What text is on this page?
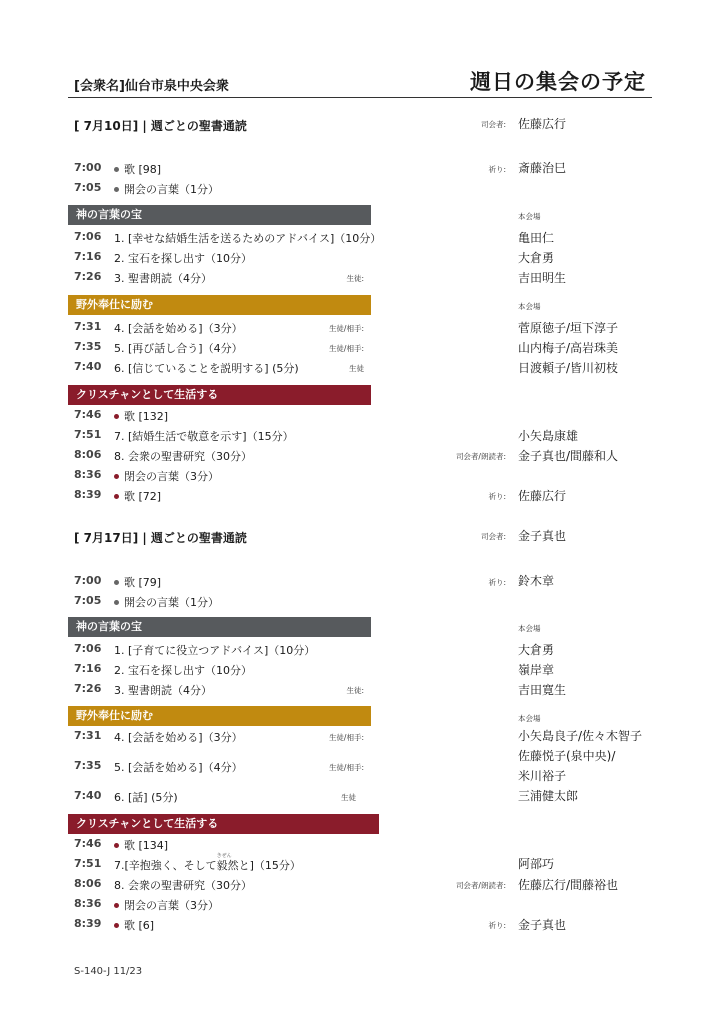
[会衆名]仙台市泉中央会衆	週日の集会の予定
[ 7月10日] | 週ごとの聖書通読	司会者: 佐藤広行
7:00	歌 [98]	祈り: 斎藤治巳
7:05	開会の言葉（1分）
神の言葉の宝	本会場
7:06 1. [幸せな結婚生活を送るためのアドバイス]（10分）	亀田仁
7:16 2. 宝石を探し出す（10分）	大倉勇
7:26 3. 聖書朗読（4分）	生徒:	吉田明生
野外奉仕に励む	本会場
7:31 4. [会話を始める]（3分）	生徒/相手:	菅原徳子/垣下淳子
7:35 5. [再び話し合う]（4分）	生徒/相手:	山内梅子/高岩珠美
7:40 6. [信じていることを説明する] (5分)	生徒	日渡頼子/皆川初枝
クリスチャンとして生活する
7:46	歌 [132]
7:51 7. [結婚生活で敬意を示す]（15分）	小矢島康雄
8:06 8. 会衆の聖書研究（30分）	司会者/朗読者: 金子真也/間藤和人
8:36	閉会の言葉（3分）
8:39	歌 [72]	祈り: 佐藤広行
[ 7月17日] | 週ごとの聖書通読	司会者: 金子真也
7:00	歌 [79]	祈り: 鈴木章
7:05	開会の言葉（1分）
神の言葉の宝	本会場
7:06 1. [子育てに役立つアドバイス]（10分）	大倉勇
7:16 2. 宝石を探し出す（10分）	嶺岸章
7:26 3. 聖書朗読（4分）	生徒:	吉田寛生
野外奉仕に励む	本会場
7:31 4. [会話を始める]（3分）	生徒/相手:	小矢島良子/佐々木智子
7:35 5. [会話を始める]（4分）	生徒/相手:
佐藤悦子(泉中央)/
米川裕子
7:40 6. [話] (5分)	生徒	三浦健太郎
クリスチャンとして生活する
7:46	歌 [134]
7:51 7.[辛抱強く、そして
きぜん
毅然と]（15分）	阿部巧
8:06 8. 会衆の聖書研究（30分）	司会者/朗読者: 佐藤広行/間藤裕也
8:36	閉会の言葉（3分）
8:39	歌 [6]	祈り: 金子真也
S-140-J 11/23
